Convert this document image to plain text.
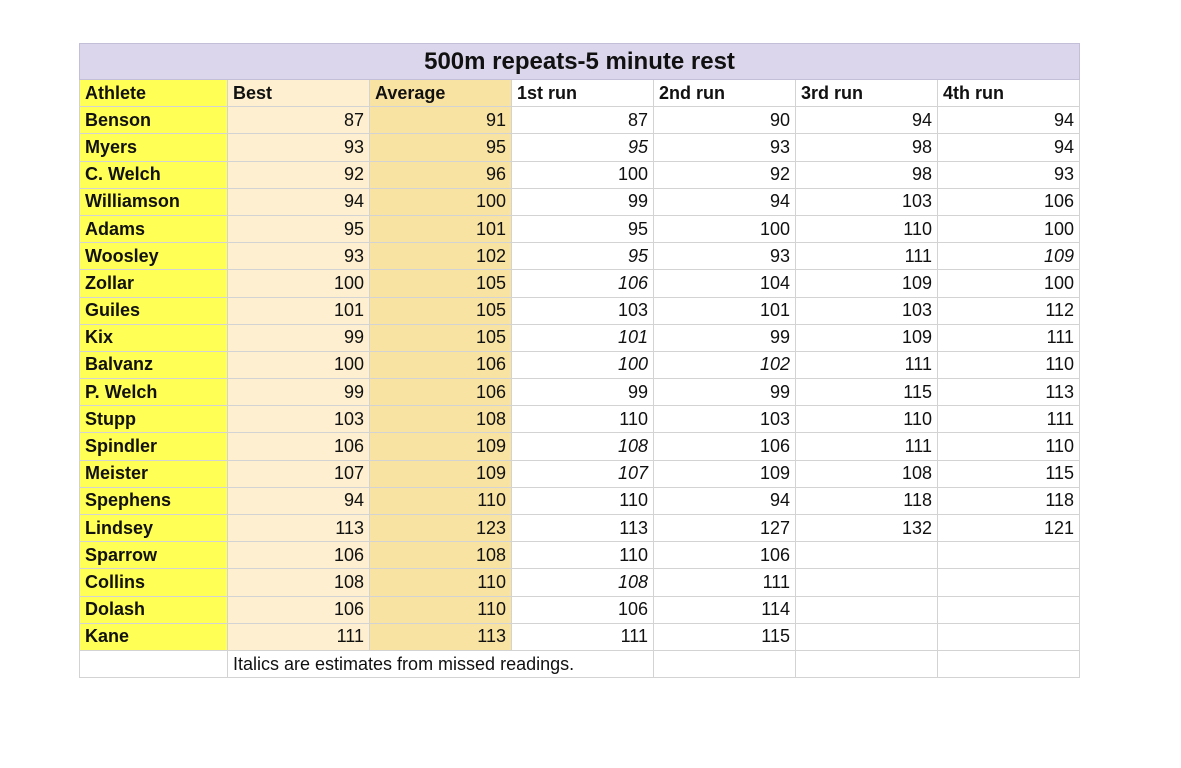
500m repeats-5 minute rest						
Athlete	Best	Average	1st run	2nd run	3rd run	4th run
Benson	87	91	87	90	94	94
Myers	93	95	95	93	98	94
C. Welch	92	96	100	92	98	93
Williamson	94	100	99	94	103	106
Adams	95	101	95	100	110	100
Woosley	93	102	95	93	111	109
Zollar	100	105	106	104	109	100
Guiles	101	105	103	101	103	112
Kix	99	105	101	99	109	111
Balvanz	100	106	100	102	111	110
P. Welch	99	106	99	99	115	113
Stupp	103	108	110	103	110	111
Spindler	106	109	108	106	111	110
Meister	107	109	107	109	108	115
Spephens	94	110	110	94	118	118
Lindsey	113	123	113	127	132	121
Sparrow	106	108	110	106		
Collins	108	110	108	111		
Dolash	106	110	106	114		
Kane	111	113	111	115		
	Italics are estimates from missed readings.					
